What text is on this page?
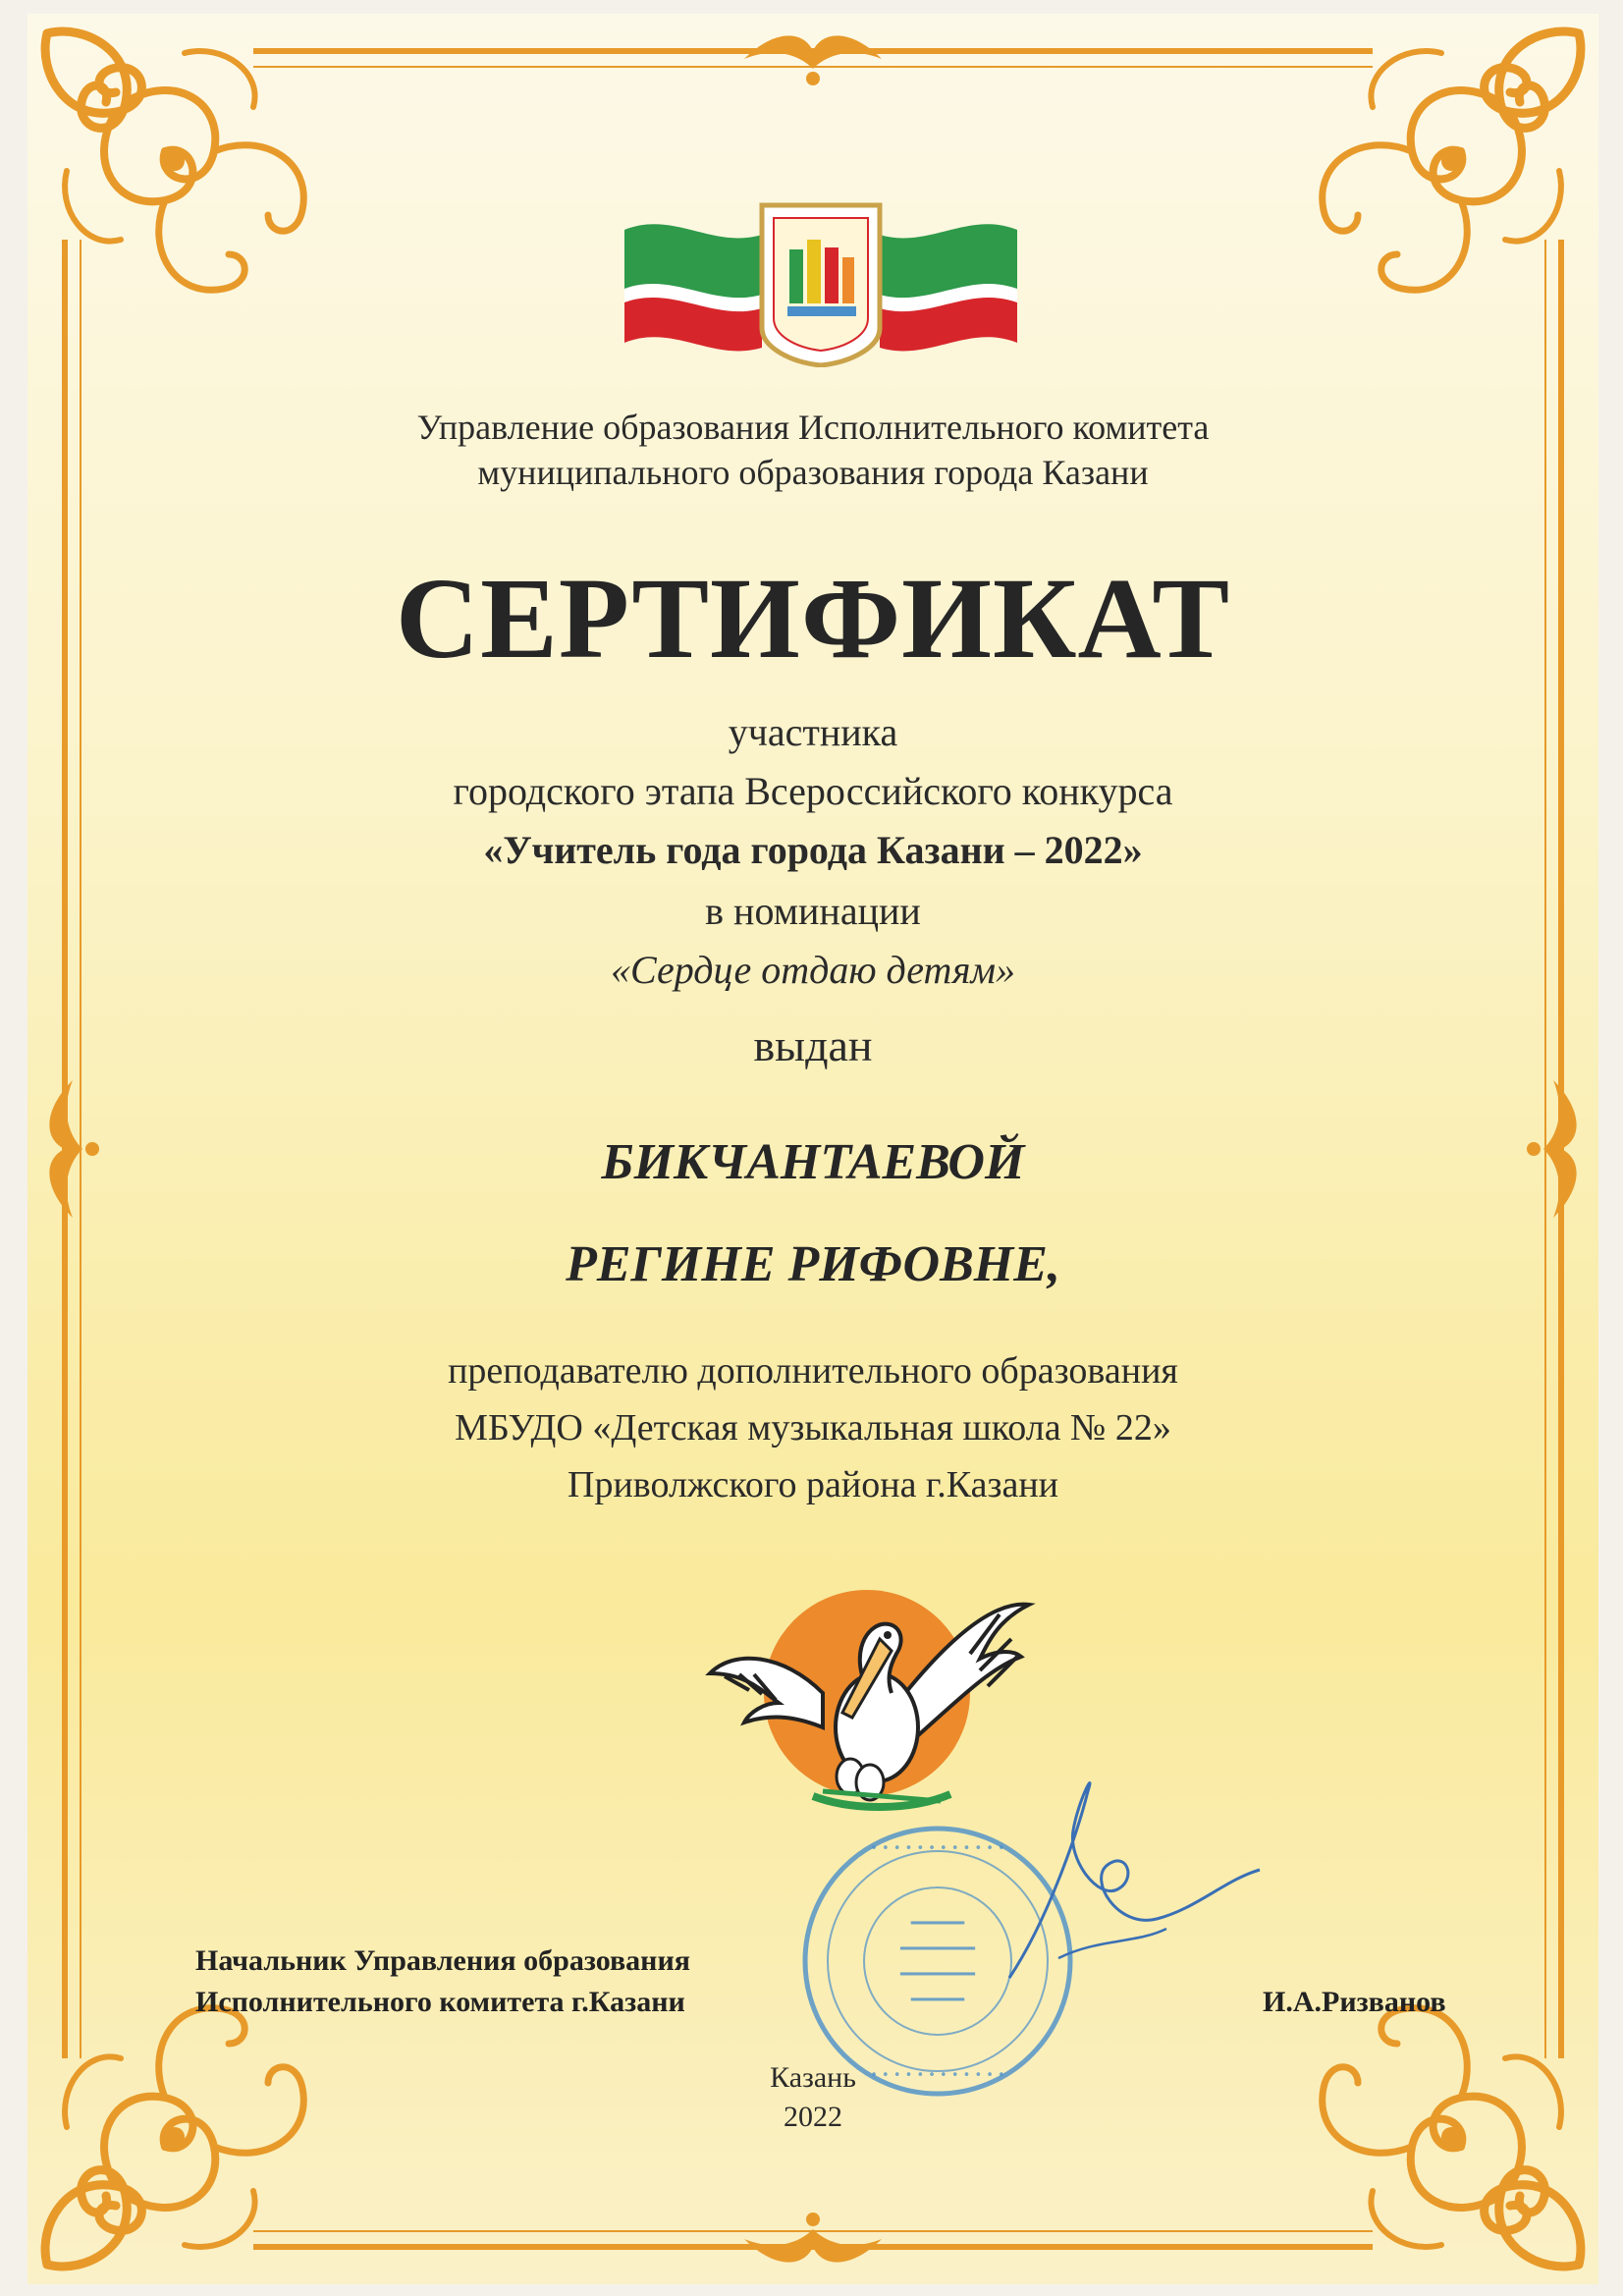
Управление образования Исполнительного комитета
муниципального образования города Казани
СЕРТИФИКАТ
участника
городского этапа Всероссийского конкурса
«Учитель года города Казани – 2022»
в номинации
«Сердце отдаю детям»
выдан
БИКЧАНТАЕВОЙ
РЕГИНЕ РИФОВНЕ,
преподавателю дополнительного образования
МБУДО «Детская музыкальная школа № 22»
Приволжского района г.Казани
Начальник Управления образования
Исполнительного комитета г.Казани	И.А.Ризванов
• • • • • • • • • • • •
• • • • • • • • • • • •
━━━━━
━━━━━━━
━━━━━━━
━━━━━
Казань
2022
